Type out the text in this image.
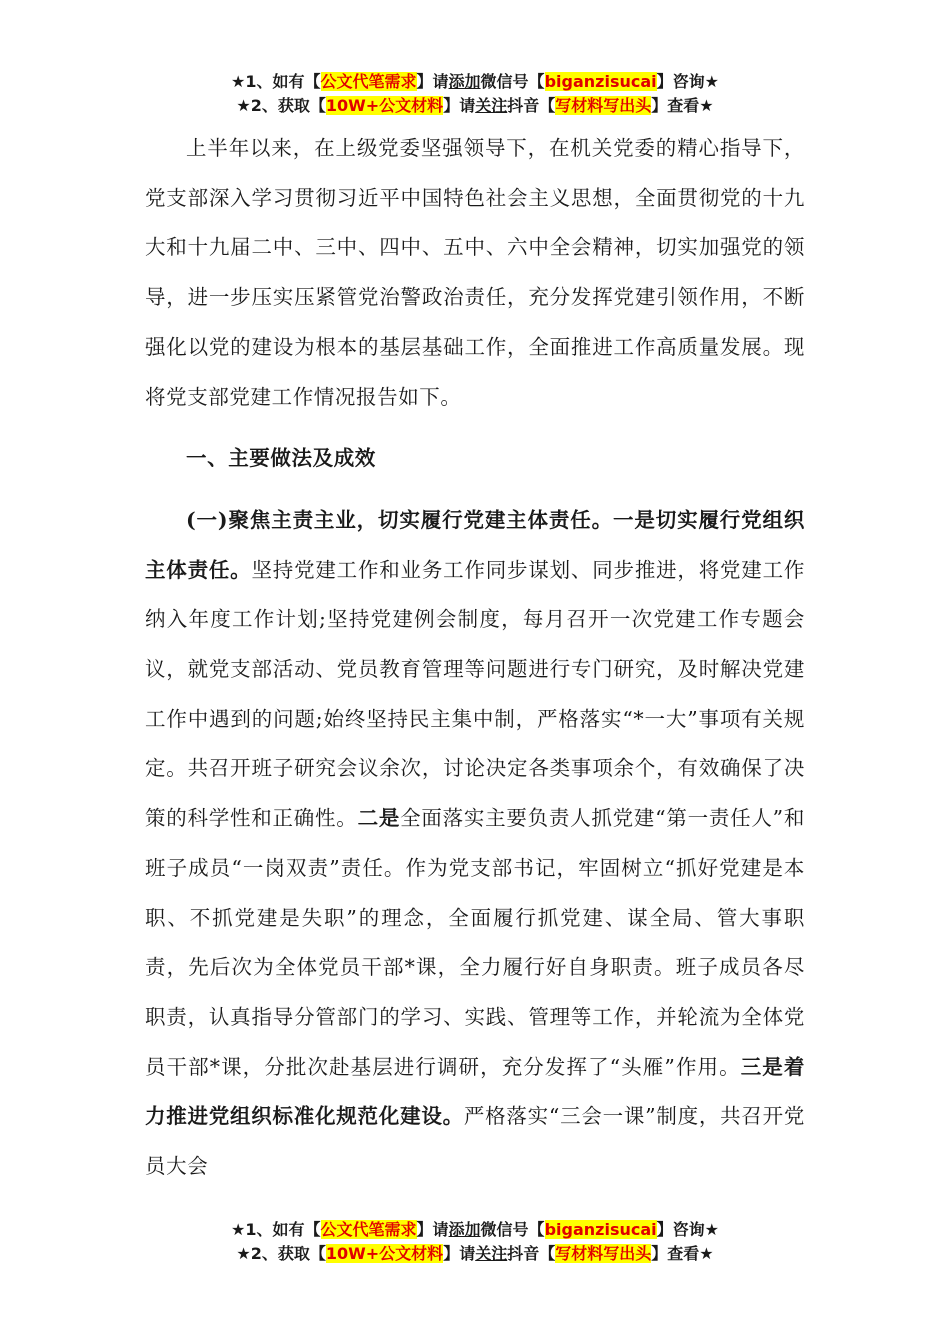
★1、如有【公文代笔需求】请添加微信号【biganzisucai】咨询★
★2、获取【10W+公文材料】请关注抖音【写材料写出头】查看★

上半年以来，在上级党委坚强领导下，在机关党委的精心指导下，党支部深入学习贯彻习近平中国特色社会主义思想，全面贯彻党的十九大和十九届二中、三中、四中、五中、六中全会精神，切实加强党的领导，进一步压实压紧管党治警政治责任，充分发挥党建引领作用，不断强化以党的建设为根本的基层基础工作，全面推进工作高质量发展。现将党支部党建工作情况报告如下。

一、主要做法及成效

(一)聚焦主责主业，切实履行党建主体责任。一是切实履行党组织主体责任。坚持党建工作和业务工作同步谋划、同步推进，将党建工作纳入年度工作计划;坚持党建例会制度，每月召开一次党建工作专题会议，就党支部活动、党员教育管理等问题进行专门研究，及时解决党建工作中遇到的问题;始终坚持民主集中制，严格落实“*一大”事项有关规定。共召开班子研究会议余次，讨论决定各类事项余个，有效确保了决策的科学性和正确性。二是全面落实主要负责人抓党建“第一责任人”和班子成员“一岗双责”责任。作为党支部书记，牢固树立“抓好党建是本职、不抓党建是失职”的理念，全面履行抓党建、谋全局、管大事职责，先后次为全体党员干部*课，全力履行好自身职责。班子成员各尽职责，认真指导分管部门的学习、实践、管理等工作，并轮流为全体党员干部*课，分批次赴基层进行调研，充分发挥了“头雁”作用。三是着力推进党组织标准化规范化建设。严格落实“三会一课”制度，共召开党员大会

★1、如有【公文代笔需求】请添加微信号【biganzisucai】咨询★
★2、获取【10W+公文材料】请关注抖音【写材料写出头】查看★
